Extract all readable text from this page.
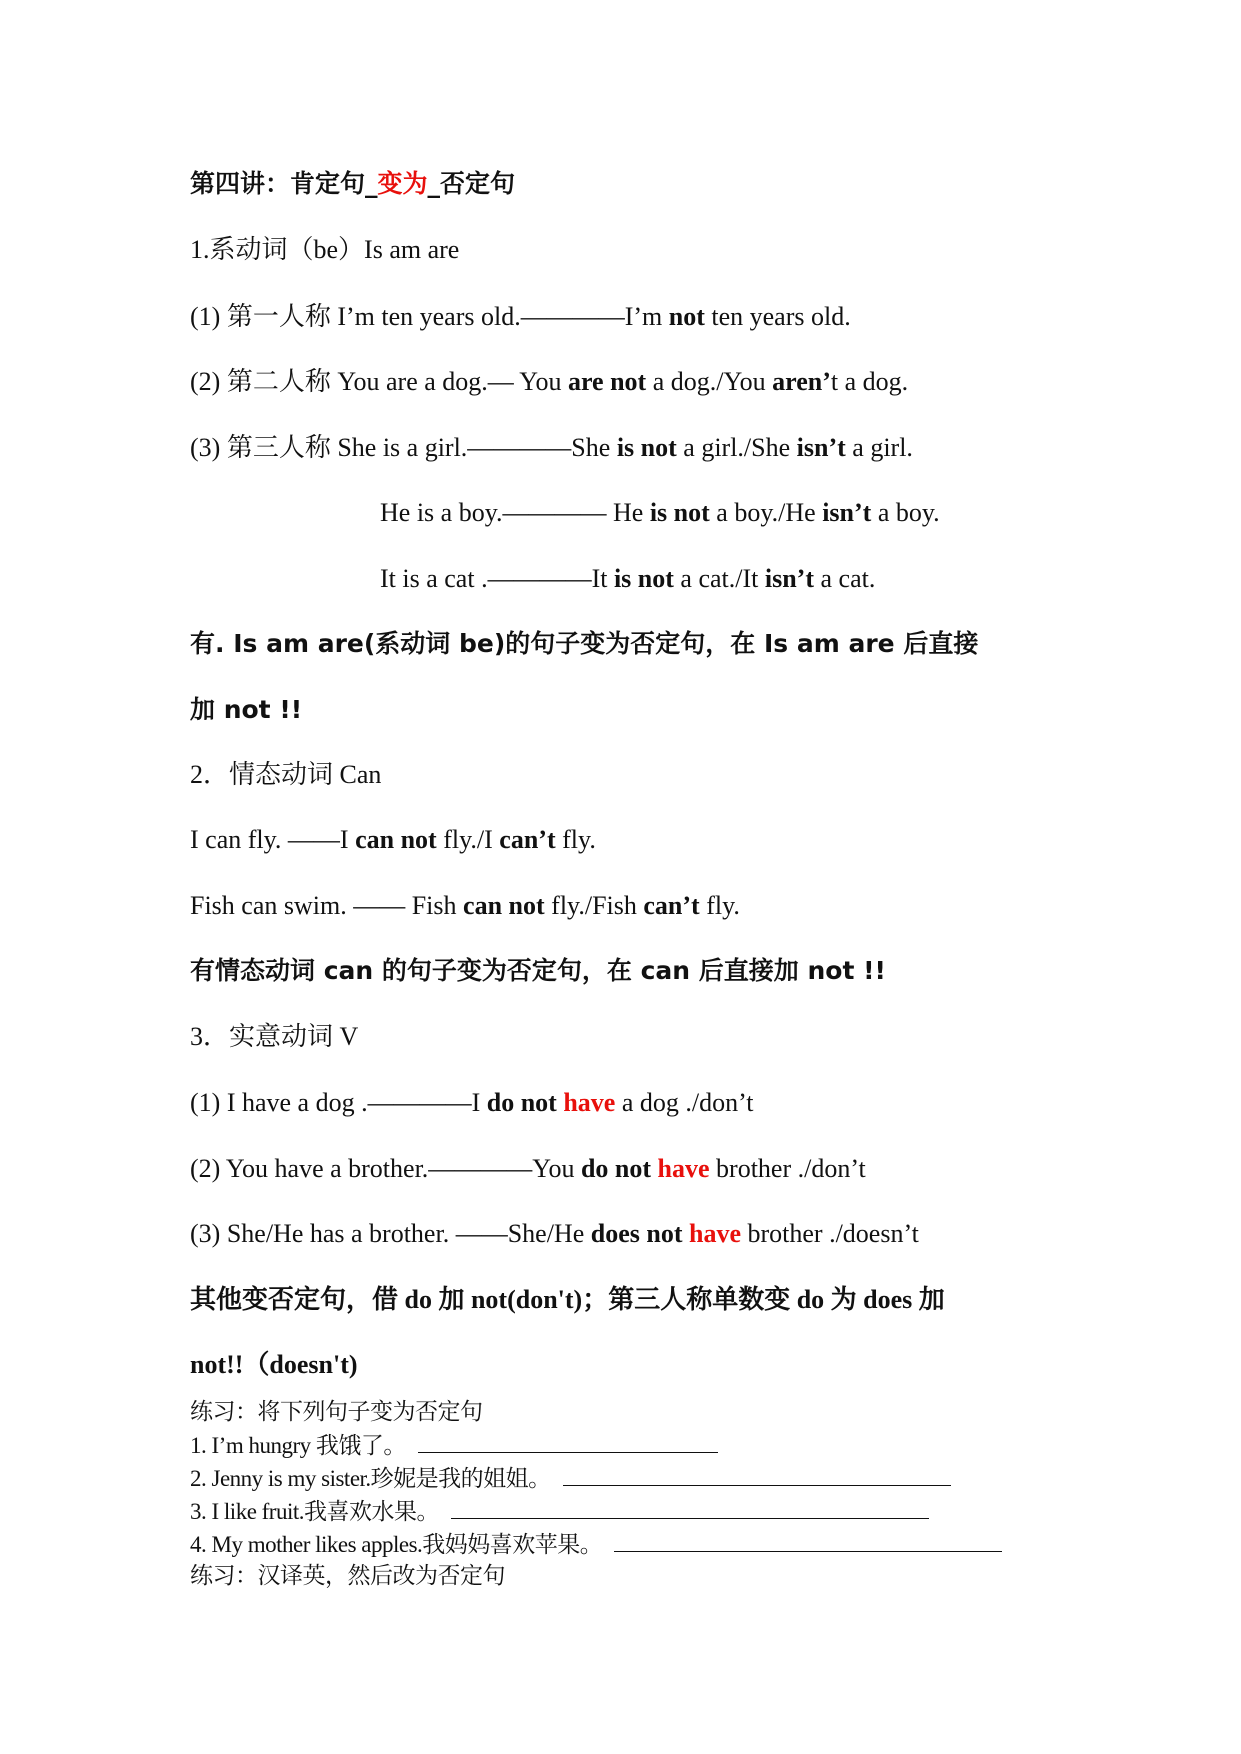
第四讲：肯定句_变为_否定句
1.系动词（be）Is am are
(1) 第一人称 I’m ten years old.————I’m not ten years old.
(2) 第二人称 You are a dog.— You are not a dog./You aren’t a dog.
(3) 第三人称 She is a girl.————She is not a girl./She isn’t a girl.
He is a boy.———— He is not a boy./He isn’t a boy.
It is a cat .————It is not a cat./It isn’t a cat.
有. Is am are(系动词 be)的句子变为否定句，在 Is am are 后直接
加 not !!
2．情态动词 Can
I can fly. ——I can not fly./I can’t fly.
Fish can swim. —— Fish can not fly./Fish can’t fly.
有情态动词 can 的句子变为否定句，在 can 后直接加 not !!
3．实意动词 V
(1) I have a dog .————I do not have a dog ./don’t
(2) You have a brother.————You do not have brother ./don’t
(3) She/He has a brother. ——She/He does not have brother ./doesn’t
其他变否定句，借 do 加 not(don't)；第三人称单数变 do 为 does 加
not!!（doesn't)
练习：将下列句子变为否定句
1. I’m hungry 我饿了。
2. Jenny is my sister.珍妮是我的姐姐。
3. I like fruit.我喜欢水果。
4. My mother likes apples.我妈妈喜欢苹果。
练习：汉译英，然后改为否定句
